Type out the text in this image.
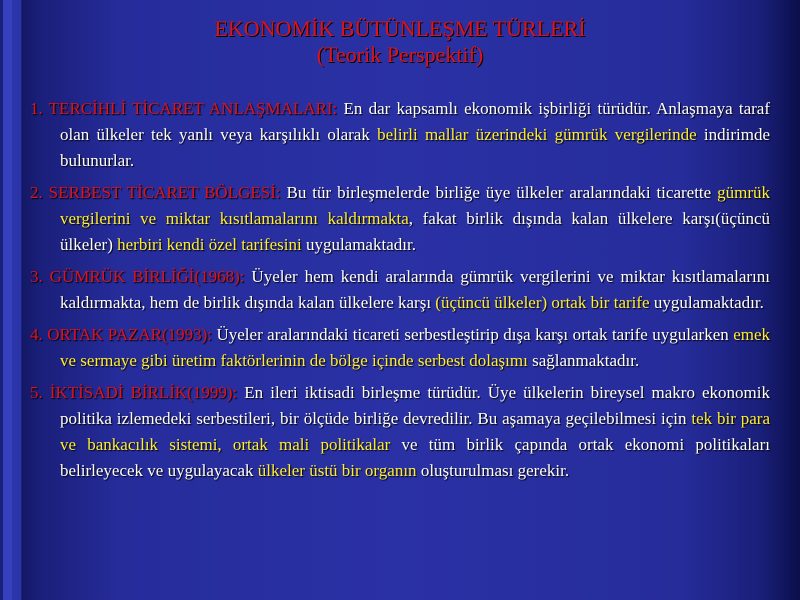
EKONOMİK BÜTÜNLEŞME TÜRLERİ
(Teorik Perspektif)

1. TERCİHLİ TİCARET ANLAŞMALARI: En dar kapsamlı ekonomik işbirliği türüdür. Anlaşmaya taraf olan ülkeler tek yanlı veya karşılıklı olarak belirli mallar üzerindeki gümrük vergilerinde indirimde bulunurlar.

2. SERBEST TİCARET BÖLGESİ: Bu tür birleşmelerde birliğe üye ülkeler aralarındaki ticarette gümrük vergilerini ve miktar kısıtlamalarını kaldırmakta, fakat birlik dışında kalan ülkelere karşı(üçüncü ülkeler) herbiri kendi özel tarifesini uygulamaktadır.

3. GÜMRÜK BİRLİĞİ(1968): Üyeler hem kendi aralarında gümrük vergilerini ve miktar kısıtlamalarını kaldırmakta, hem de birlik dışında kalan ülkelere karşı (üçüncü ülkeler) ortak bir tarife uygulamaktadır.

4. ORTAK PAZAR(1993): Üyeler aralarındaki ticareti serbestleştirip dışa karşı ortak tarife uygularken emek ve sermaye gibi üretim faktörlerinin de bölge içinde serbest dolaşımı sağlanmaktadır.

5. İKTİSADİ BİRLİK(1999): En ileri iktisadi birleşme türüdür. Üye ülkelerin bireysel makro ekonomik politika izlemedeki serbestileri, bir ölçüde birliğe devredilir. Bu aşamaya geçilebilmesi için tek bir para ve bankacılık sistemi, ortak mali politikalar ve tüm birlik çapında ortak ekonomi politikaları belirleyecek ve uygulayacak ülkeler üstü bir organın oluşturulması gerekir.
